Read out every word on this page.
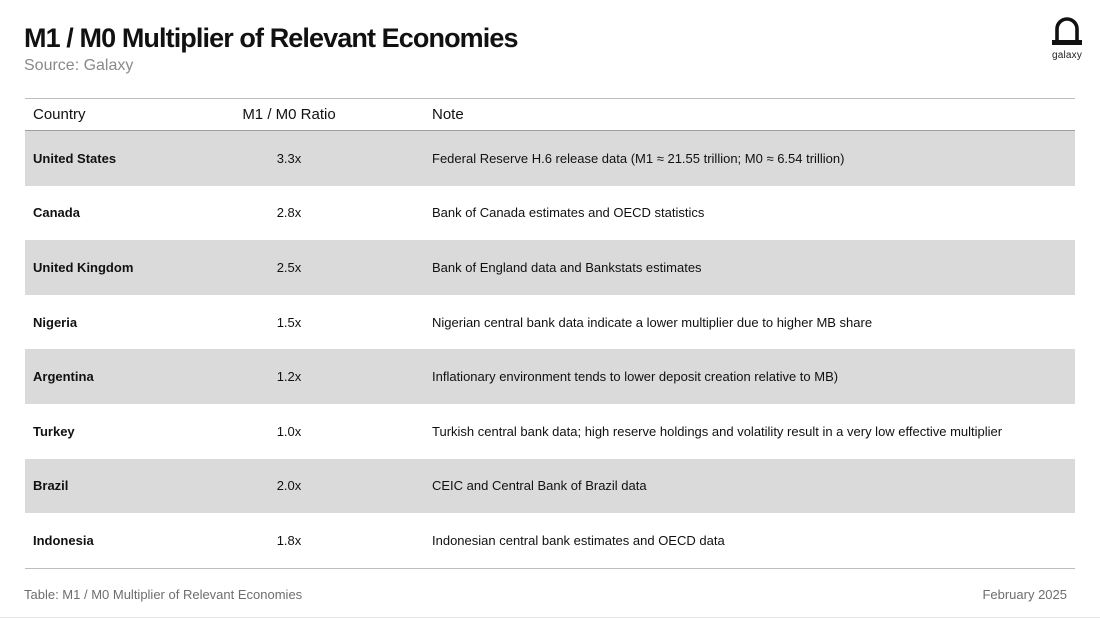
M1 / M0 Multiplier of Relevant Economies
Source: Galaxy
galaxy
Country	M1 / M0 Ratio	Note
United States	3.3x	Federal Reserve H.6 release data (M1 ≈ 21.55 trillion; M0 ≈ 6.54 trillion)
Canada	2.8x	Bank of Canada estimates and OECD statistics
United Kingdom	2.5x	Bank of England data and Bankstats estimates
Nigeria	1.5x	Nigerian central bank data indicate a lower multiplier due to higher MB share
Argentina	1.2x	Inflationary environment tends to lower deposit creation relative to MB)
Turkey	1.0x	Turkish central bank data; high reserve holdings and volatility result in a very low effective multiplier
Brazil	2.0x	CEIC and Central Bank of Brazil data
Indonesia	1.8x	Indonesian central bank estimates and OECD data
Table: M1 / M0 Multiplier of Relevant Economies	February 2025
